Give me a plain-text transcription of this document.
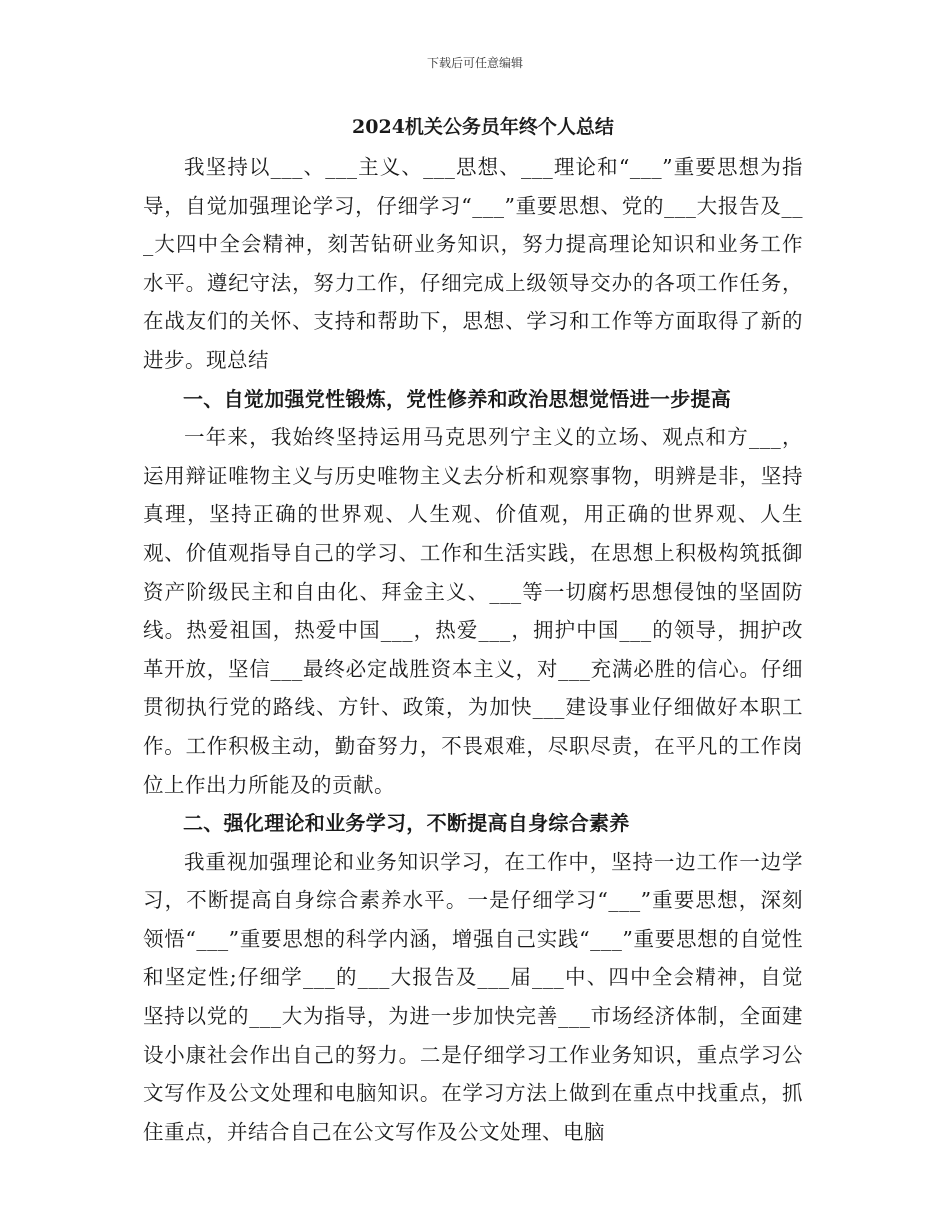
下载后可任意编辑
2024机关公务员年终个人总结

我坚持以___、___主义、___思想、___理论和“___”重要思想为指导，自觉加强理论学习，仔细学习“___”重要思想、党的___大报告及___大四中全会精神，刻苦钻研业务知识，努力提高理论知识和业务工作水平。遵纪守法，努力工作，仔细完成上级领导交办的各项工作任务，在战友们的关怀、支持和帮助下，思想、学习和工作等方面取得了新的进步。现总结

一、自觉加强党性锻炼，党性修养和政治思想觉悟进一步提高

一年来，我始终坚持运用马克思列宁主义的立场、观点和方___，运用辩证唯物主义与历史唯物主义去分析和观察事物，明辨是非，坚持真理，坚持正确的世界观、人生观、价值观，用正确的世界观、人生观、价值观指导自己的学习、工作和生活实践，在思想上积极构筑抵御资产阶级民主和自由化、拜金主义、___等一切腐朽思想侵蚀的坚固防线。热爱祖国，热爱中国___，热爱___，拥护中国___的领导，拥护改革开放，坚信___最终必定战胜资本主义，对___充满必胜的信心。仔细贯彻执行党的路线、方针、政策，为加快___建设事业仔细做好本职工作。工作积极主动，勤奋努力，不畏艰难，尽职尽责，在平凡的工作岗位上作出力所能及的贡献。

二、强化理论和业务学习，不断提高自身综合素养

我重视加强理论和业务知识学习，在工作中，坚持一边工作一边学习，不断提高自身综合素养水平。一是仔细学习“___”重要思想，深刻领悟“___”重要思想的科学内涵，增强自己实践“___”重要思想的自觉性和坚定性;仔细学___的___大报告及___届___中、四中全会精神，自觉坚持以党的___大为指导，为进一步加快完善___市场经济体制，全面建设小康社会作出自己的努力。二是仔细学习工作业务知识，重点学习公文写作及公文处理和电脑知识。在学习方法上做到在重点中找重点，抓住重点，并结合自己在公文写作及公文处理、电脑
